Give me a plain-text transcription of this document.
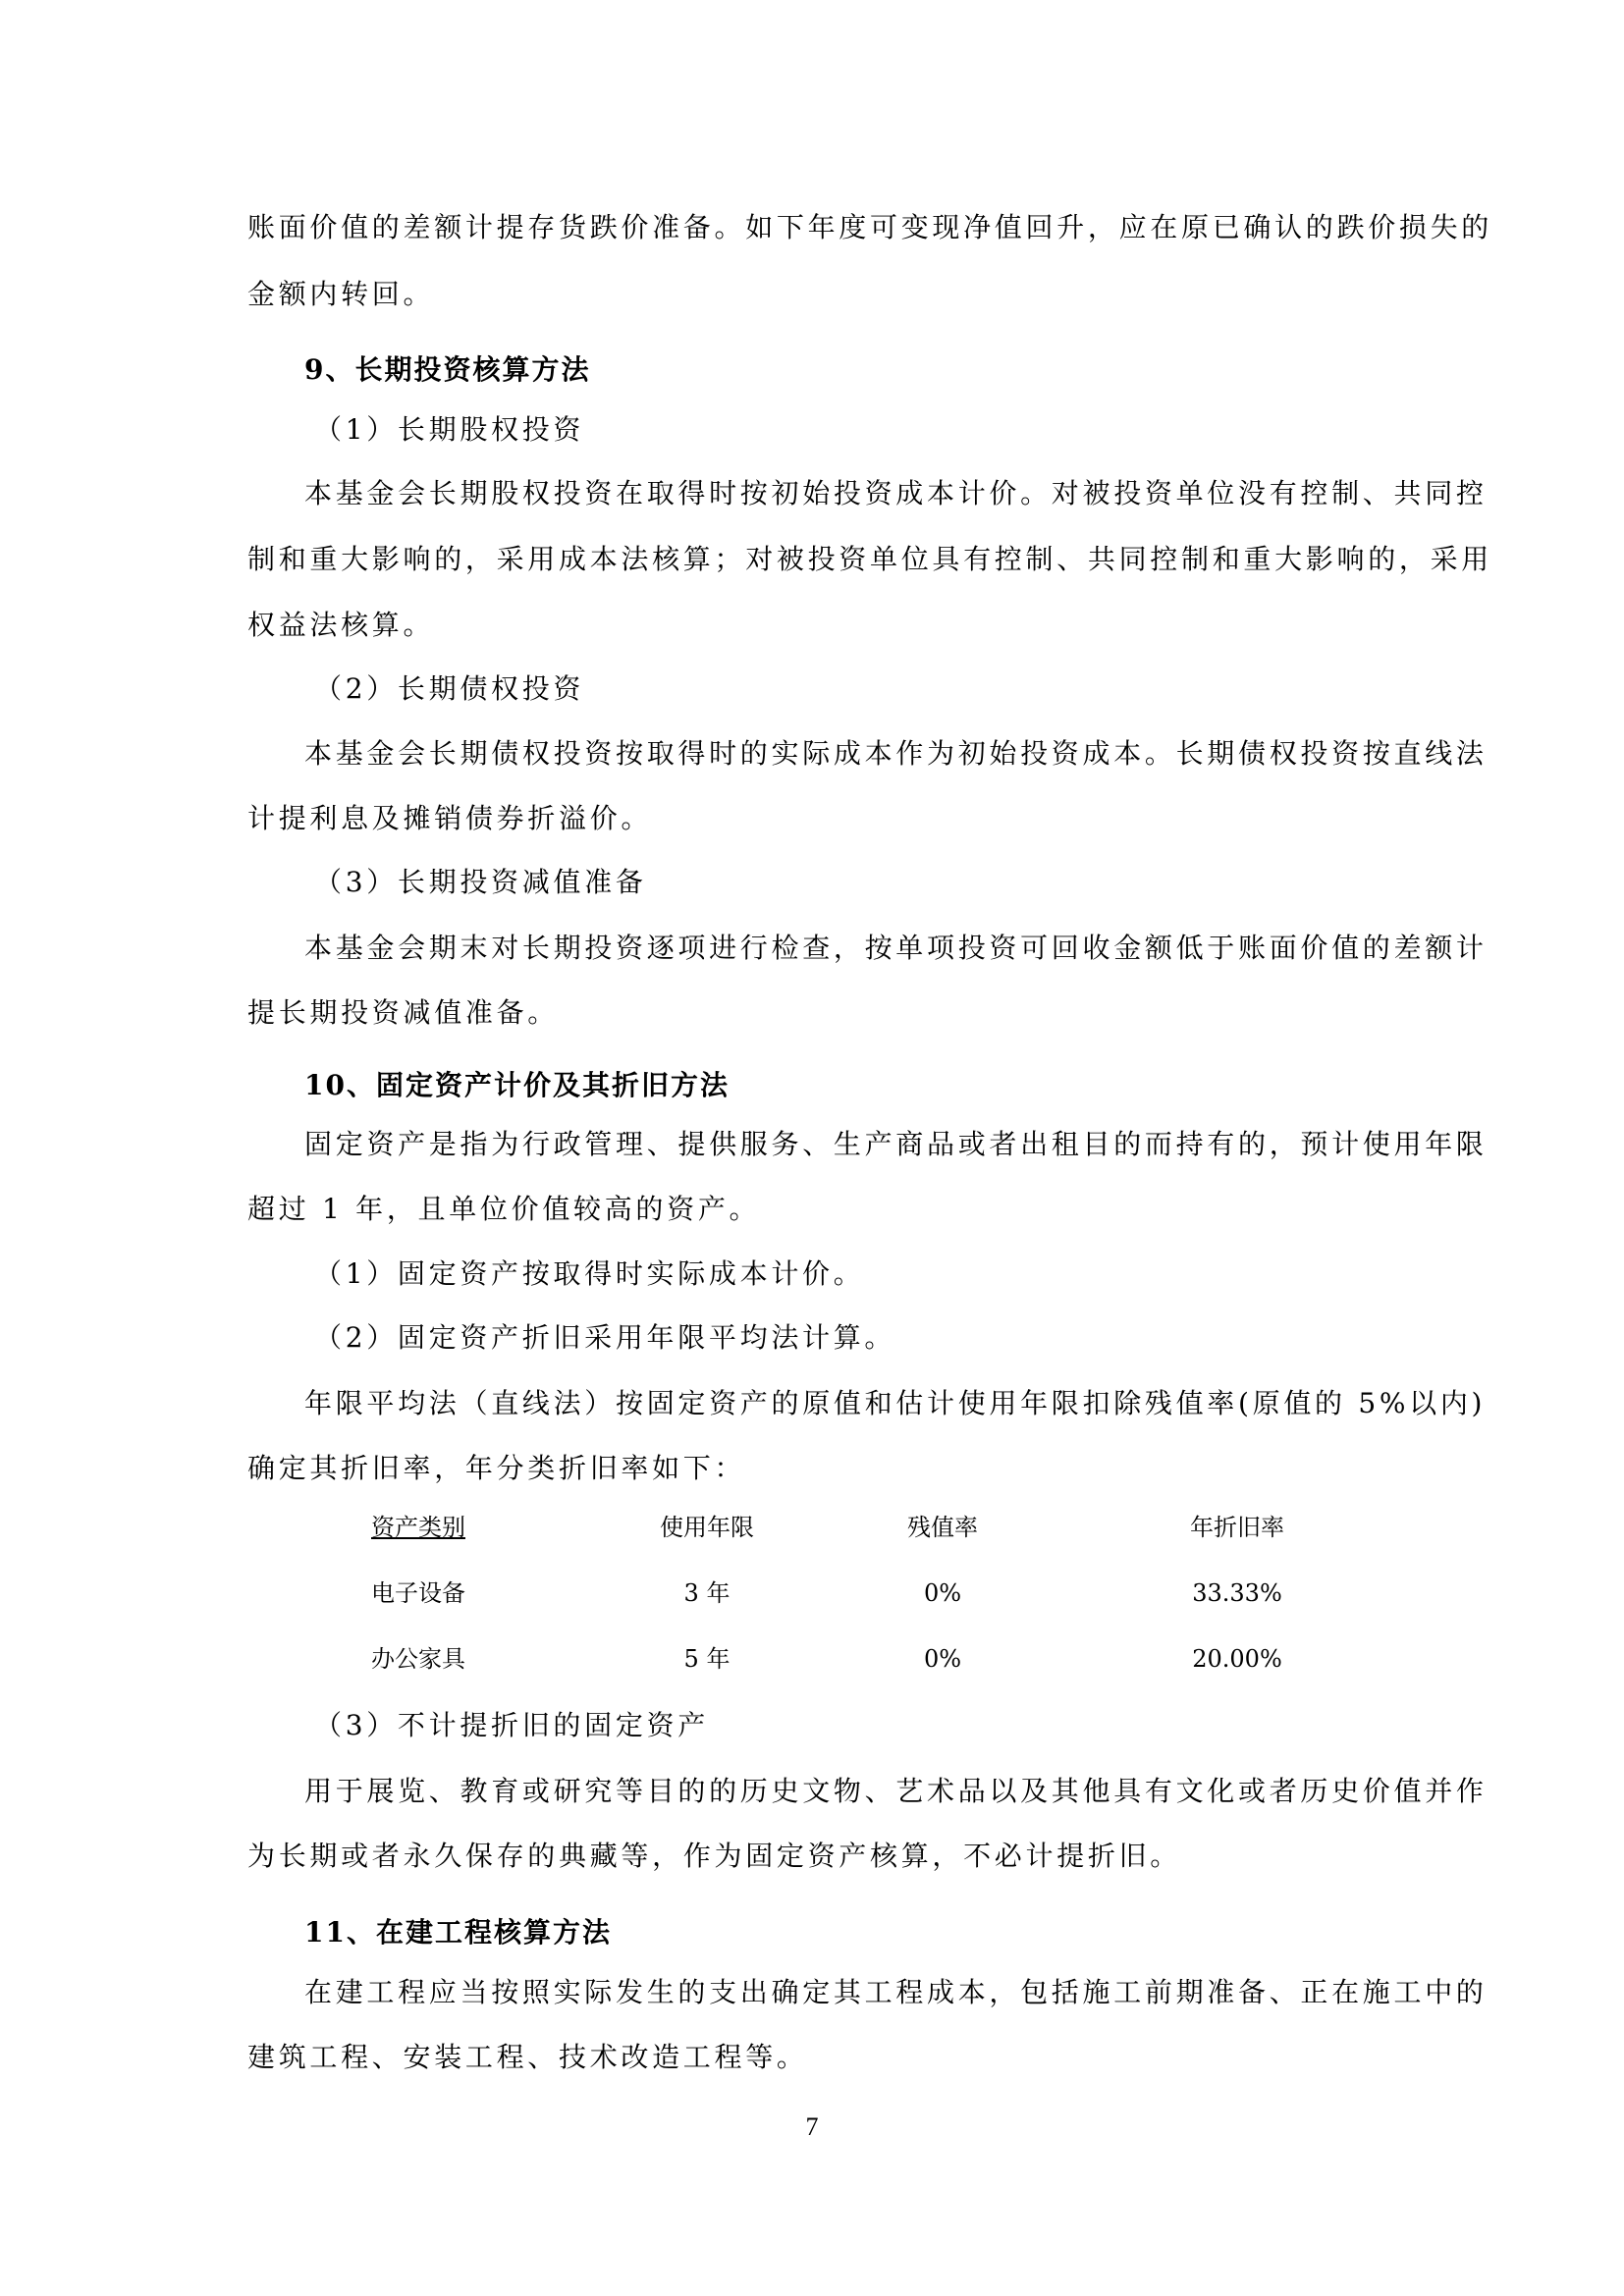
账面价值的差额计提存货跌价准备。如下年度可变现净值回升，应在原已确认的跌价损失的
金额内转回。
9、长期投资核算方法
（1）长期股权投资
本基金会长期股权投资在取得时按初始投资成本计价。对被投资单位没有控制、共同控
制和重大影响的，采用成本法核算；对被投资单位具有控制、共同控制和重大影响的，采用
权益法核算。
（2）长期债权投资
本基金会长期债权投资按取得时的实际成本作为初始投资成本。长期债权投资按直线法
计提利息及摊销债券折溢价。
（3）长期投资减值准备
本基金会期末对长期投资逐项进行检查，按单项投资可回收金额低于账面价值的差额计
提长期投资减值准备。
10、固定资产计价及其折旧方法
固定资产是指为行政管理、提供服务、生产商品或者出租目的而持有的，预计使用年限
超过 1 年，且单位价值较高的资产。
（1）固定资产按取得时实际成本计价。
（2）固定资产折旧采用年限平均法计算。
年限平均法（直线法）按固定资产的原值和估计使用年限扣除残值率(原值的 5%以内)
确定其折旧率，年分类折旧率如下：
资产类别	使用年限	残值率	年折旧率
电子设备	3 年	0%	33.33%
办公家具	5 年	0%	20.00%
（3）不计提折旧的固定资产
用于展览、教育或研究等目的的历史文物、艺术品以及其他具有文化或者历史价值并作
为长期或者永久保存的典藏等，作为固定资产核算，不必计提折旧。
11、在建工程核算方法
在建工程应当按照实际发生的支出确定其工程成本，包括施工前期准备、正在施工中的
建筑工程、安装工程、技术改造工程等。
7
